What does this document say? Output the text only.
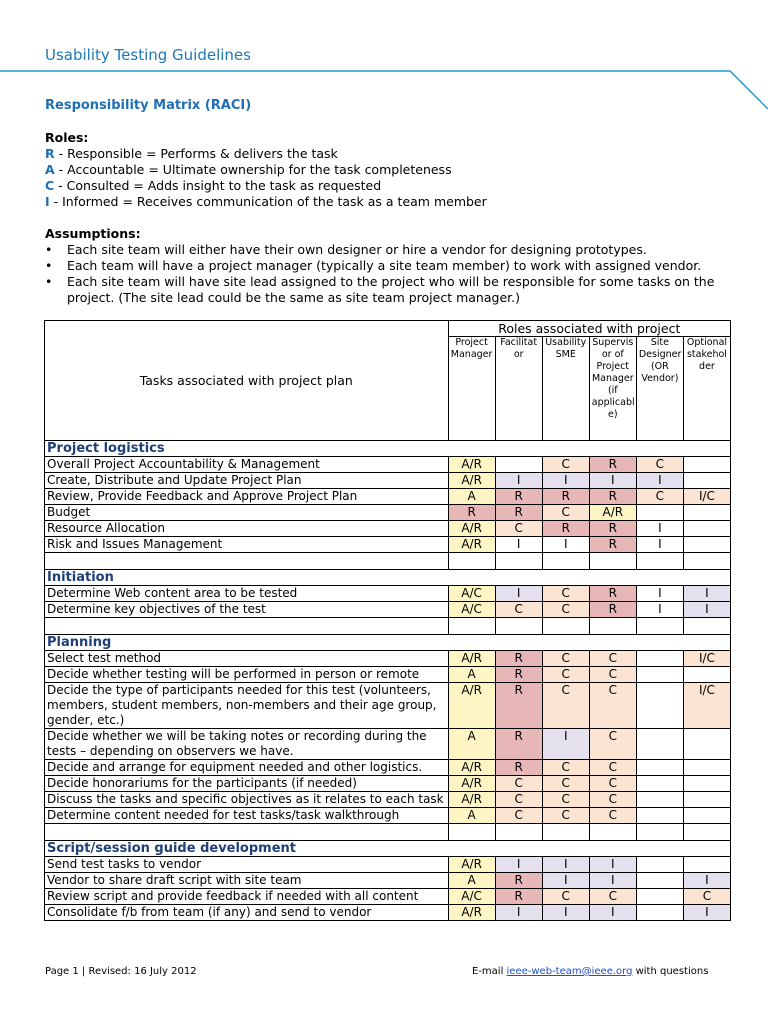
Usability Testing Guidelines
Responsibility Matrix (RACI)
Roles:
R - Responsible = Performs & delivers the task
A - Accountable = Ultimate ownership for the task completeness
C - Consulted = Adds insight to the task as requested
I - Informed = Receives communication of the task as a team member
Assumptions:
• Each site team will either have their own designer or hire a vendor for designing prototypes.
• Each team will have a project manager (typically a site team member) to work with assigned vendor.
• Each site team will have site lead assigned to the project who will be responsible for some tasks on the project. (The site lead could be the same as site team project manager.)
Tasks associated with project plan	Roles associated with project					
	Project Manager	Facilitat or	Usability SME	Supervis or of Project Manager (if applicabl e)	Site Designer (OR Vendor)	Optional stakehol der
Project logistics						
Overall Project Accountability & Management	A/R		C	R	C	
Create, Distribute and Update Project Plan	A/R	I	I	I	I	
Review, Provide Feedback and Approve Project Plan	A	R	R	R	C	I/C
Budget	R	R	C	A/R		
Resource Allocation	A/R	C	R	R	I	
Risk and Issues Management	A/R	I	I	R	I	

Initiation						
Determine Web content area to be tested	A/C	I	C	R	I	I
Determine key objectives of the test	A/C	C	C	R	I	I

Planning						
Select test method	A/R	R	C	C		I/C
Decide whether testing will be performed in person or remote	A	R	C	C		
Decide the type of participants needed for this test (volunteers, members, student members, non-members and their age group, gender, etc.)	A/R	R	C	C		I/C
Decide whether we will be taking notes or recording during the tests – depending on observers we have.	A	R	I	C		
Decide and arrange for equipment needed and other logistics.	A/R	R	C	C		
Decide honorariums for the participants (if needed)	A/R	C	C	C		
Discuss the tasks and specific objectives as it relates to each task	A/R	C	C	C		
Determine content needed for test tasks/task walkthrough	A	C	C	C		

Script/session guide development						
Send test tasks to vendor	A/R	I	I	I		
Vendor to share draft script with site team	A	R	I	I		I
Review script and provide feedback if needed with all content	A/C	R	C	C		C
Consolidate f/b from team (if any) and send to vendor	A/R	I	I	I		I
Page 1 | Revised: 16 July 2012	E-mail ieee-web-team@ieee.org with questions
